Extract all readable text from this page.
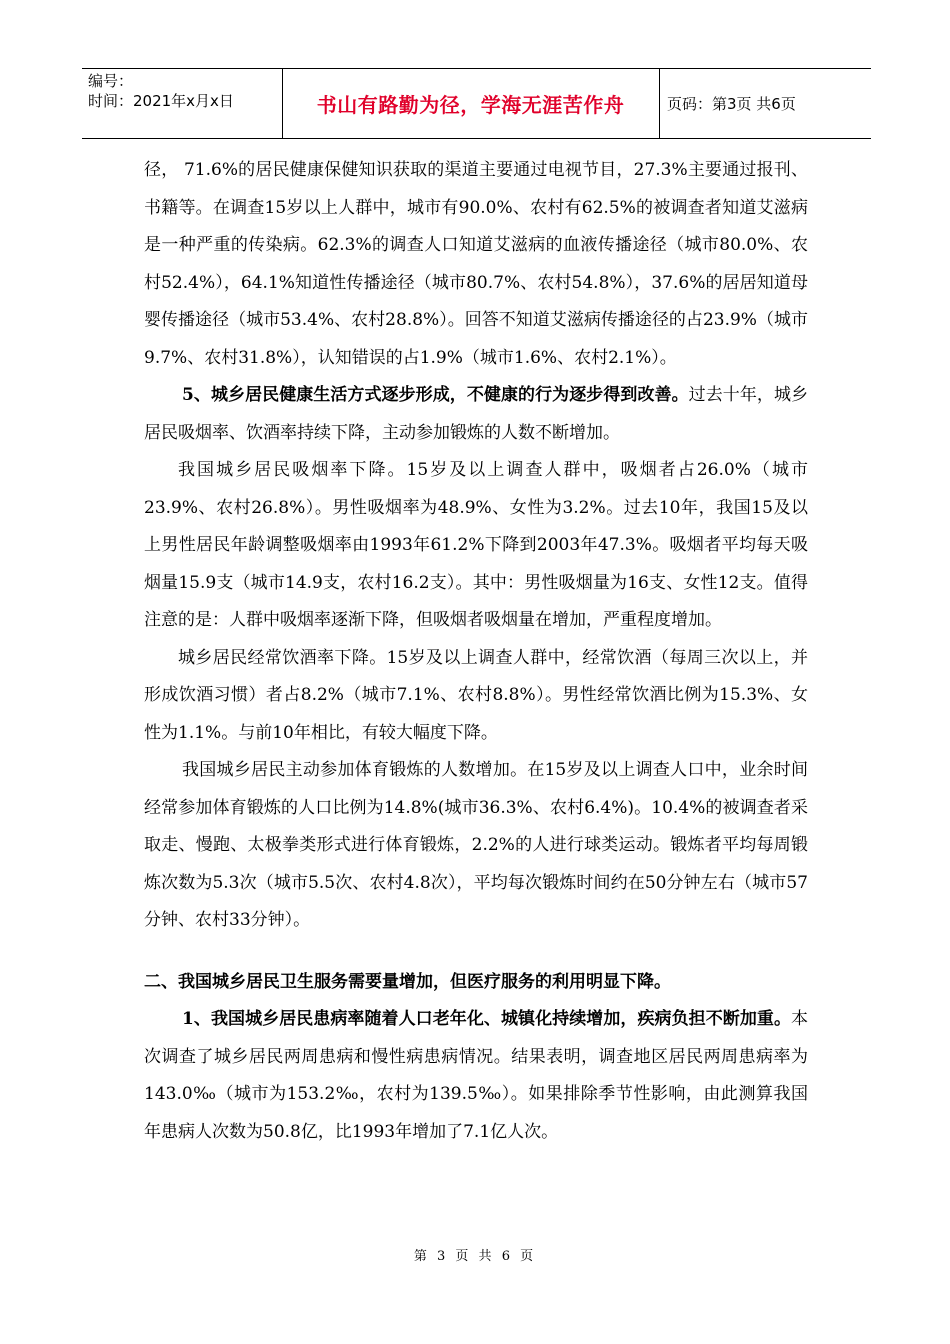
编号：
时间：2021年x月x日	书山有路勤为径，学海无涯苦作舟	页码：第3页 共6页

径， 71.6%的居民健康保健知识获取的渠道主要通过电视节目，27.3%主要通过报刊、书籍等。在调查15岁以上人群中，城市有90.0%、农村有62.5%的被调查者知道艾滋病是一种严重的传染病。62.3%的调查人口知道艾滋病的血液传播途径（城市80.0%、农村52.4%），64.1%知道性传播途径（城市80.7%、农村54.8%），37.6%的居居知道母婴传播途径（城市53.4%、农村28.8%）。回答不知道艾滋病传播途径的占23.9%（城市9.7%、农村31.8%），认知错误的占1.9%（城市1.6%、农村2.1%）。

5、城乡居民健康生活方式逐步形成，不健康的行为逐步得到改善。过去十年，城乡居民吸烟率、饮酒率持续下降，主动参加锻炼的人数不断增加。

我国城乡居民吸烟率下降。15岁及以上调查人群中，吸烟者占26.0%（城市23.9%、农村26.8%）。男性吸烟率为48.9%、女性为3.2%。过去10年，我国15及以上男性居民年龄调整吸烟率由1993年61.2%下降到2003年47.3%。吸烟者平均每天吸烟量15.9支（城市14.9支，农村16.2支）。其中：男性吸烟量为16支、女性12支。值得注意的是：人群中吸烟率逐渐下降，但吸烟者吸烟量在增加，严重程度增加。

城乡居民经常饮酒率下降。15岁及以上调查人群中，经常饮酒（每周三次以上，并形成饮酒习惯）者占8.2%（城市7.1%、农村8.8%）。男性经常饮酒比例为15.3%、女性为1.1%。与前10年相比，有较大幅度下降。

我国城乡居民主动参加体育锻炼的人数增加。在15岁及以上调查人口中，业余时间经常参加体育锻炼的人口比例为14.8%(城市36.3%、农村6.4%)。10.4%的被调查者采取走、慢跑、太极拳类形式进行体育锻炼，2.2%的人进行球类运动。锻炼者平均每周锻炼次数为5.3次（城市5.5次、农村4.8次），平均每次锻炼时间约在50分钟左右（城市57分钟、农村33分钟）。

二、我国城乡居民卫生服务需要量增加，但医疗服务的利用明显下降。

1、我国城乡居民患病率随着人口老年化、城镇化持续增加，疾病负担不断加重。本次调查了城乡居民两周患病和慢性病患病情况。结果表明，调查地区居民两周患病率为143.0‰（城市为153.2‰，农村为139.5‰）。如果排除季节性影响，由此测算我国年患病人次数为50.8亿，比1993年增加了7.1亿人次。

第 3 页 共 6 页
